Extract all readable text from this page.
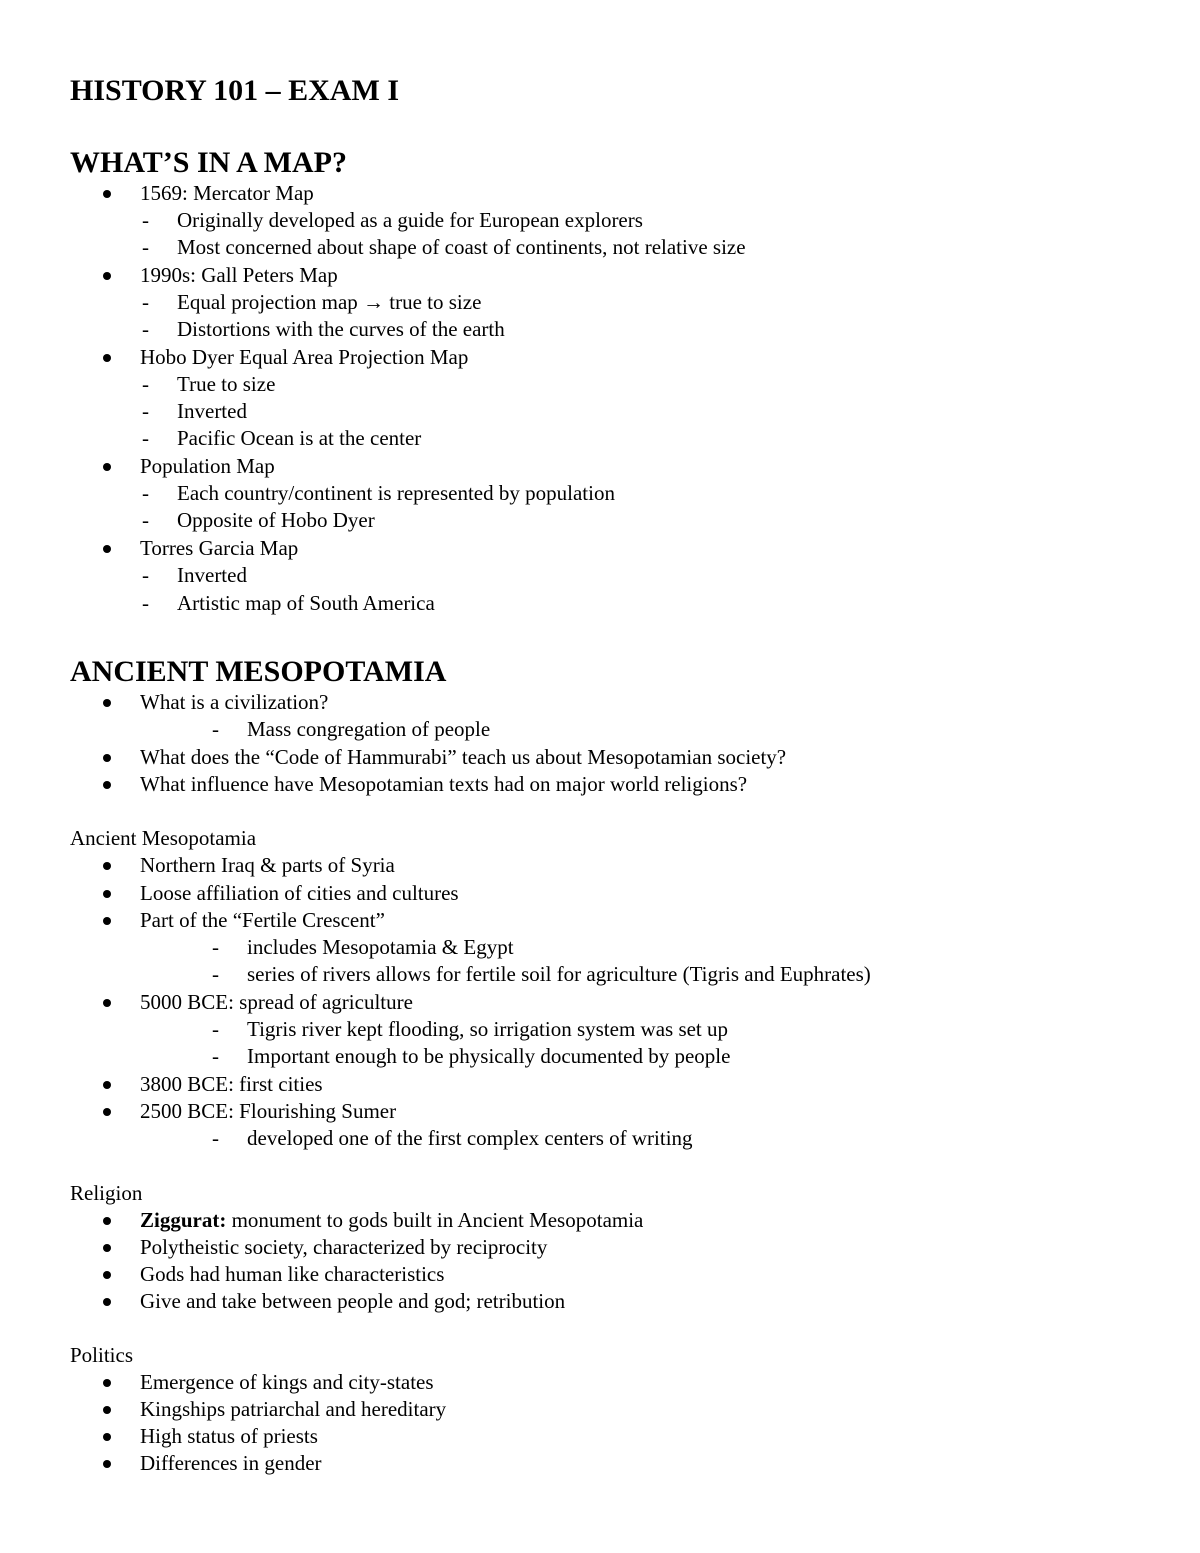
HISTORY 101 – EXAM I
WHAT’S IN A MAP?
1569: Mercator Map
- Originally developed as a guide for European explorers
- Most concerned about shape of coast of continents, not relative size
1990s: Gall Peters Map
- Equal projection map → true to size
- Distortions with the curves of the earth
Hobo Dyer Equal Area Projection Map
- True to size
- Inverted
- Pacific Ocean is at the center
Population Map
- Each country/continent is represented by population
- Opposite of Hobo Dyer
Torres Garcia Map
- Inverted
- Artistic map of South America
ANCIENT MESOPOTAMIA
What is a civilization?
- Mass congregation of people
What does the “Code of Hammurabi” teach us about Mesopotamian society?
What influence have Mesopotamian texts had on major world religions?
Ancient Mesopotamia
Northern Iraq & parts of Syria
Loose affiliation of cities and cultures
Part of the “Fertile Crescent”
- includes Mesopotamia & Egypt
- series of rivers allows for fertile soil for agriculture (Tigris and Euphrates)
5000 BCE: spread of agriculture
- Tigris river kept flooding, so irrigation system was set up
- Important enough to be physically documented by people
3800 BCE: first cities
2500 BCE: Flourishing Sumer
- developed one of the first complex centers of writing
Religion
Ziggurat: monument to gods built in Ancient Mesopotamia
Polytheistic society, characterized by reciprocity
Gods had human like characteristics
Give and take between people and god; retribution
Politics
Emergence of kings and city-states
Kingships patriarchal and hereditary
High status of priests
Differences in gender
